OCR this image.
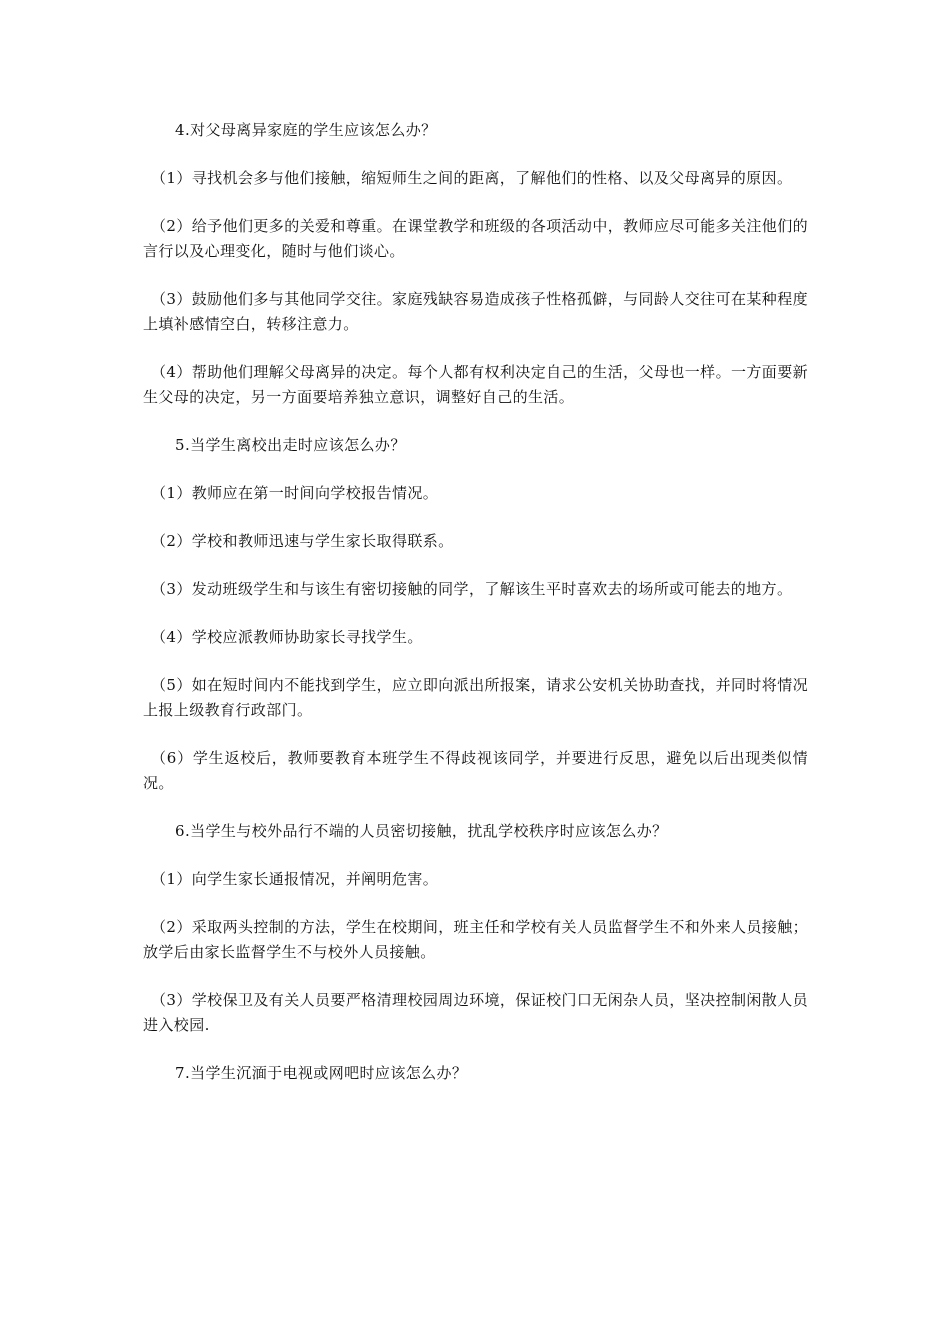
4.对父母离异家庭的学生应该怎么办？

（1）寻找机会多与他们接触，缩短师生之间的距离，了解他们的性格、以及父母离异的原因。

（2）给予他们更多的关爱和尊重。在课堂教学和班级的各项活动中，教师应尽可能多关注他们的言行以及心理变化，随时与他们谈心。

（3）鼓励他们多与其他同学交往。家庭残缺容易造成孩子性格孤僻，与同龄人交往可在某种程度上填补感情空白，转移注意力。

（4）帮助他们理解父母离异的决定。每个人都有权利决定自己的生活，父母也一样。一方面要新生父母的决定，另一方面要培养独立意识，调整好自己的生活。

5.当学生离校出走时应该怎么办？

（1）教师应在第一时间向学校报告情况。

（2）学校和教师迅速与学生家长取得联系。

（3）发动班级学生和与该生有密切接触的同学，了解该生平时喜欢去的场所或可能去的地方。

（4）学校应派教师协助家长寻找学生。

（5）如在短时间内不能找到学生，应立即向派出所报案，请求公安机关协助查找，并同时将情况上报上级教育行政部门。

（6）学生返校后，教师要教育本班学生不得歧视该同学，并要进行反思，避免以后出现类似情况。

6.当学生与校外品行不端的人员密切接触，扰乱学校秩序时应该怎么办？

（1）向学生家长通报情况，并阐明危害。

（2）采取两头控制的方法，学生在校期间，班主任和学校有关人员监督学生不和外来人员接触；放学后由家长监督学生不与校外人员接触。

（3）学校保卫及有关人员要严格清理校园周边环境，保证校门口无闲杂人员，坚决控制闲散人员进入校园.

7.当学生沉湎于电视或网吧时应该怎么办？
